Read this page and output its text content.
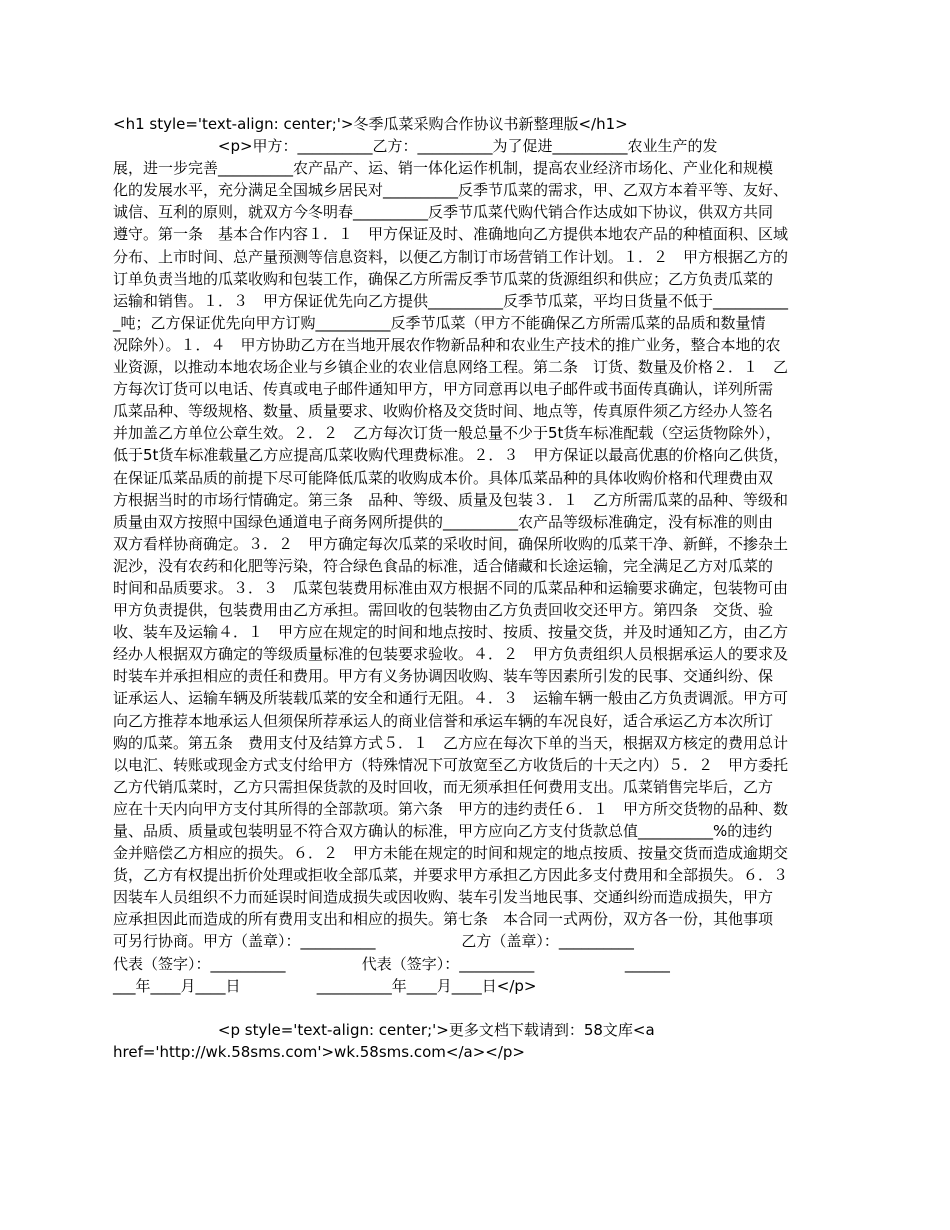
<h1 style='text-align: center;'>冬季瓜菜采购合作协议书新整理版</h1>
<p>甲方：__________乙方：__________为了促进__________农业生产的发
展，进一步完善__________农产品产、运、销一体化运作机制，提高农业经济市场化、产业化和规模
化的发展水平，充分满足全国城乡居民对__________反季节瓜菜的需求，甲、乙双方本着平等、友好、
诚信、互利的原则，就双方今冬明春__________反季节瓜菜代购代销合作达成如下协议，供双方共同
遵守。第一条　基本合作内容１．１　甲方保证及时、准确地向乙方提供本地农产品的种植面积、区域
分布、上市时间、总产量预测等信息资料，以便乙方制订市场营销工作计划。１．２　甲方根据乙方的
订单负责当地的瓜菜收购和包装工作，确保乙方所需反季节瓜菜的货源组织和供应；乙方负责瓜菜的
运输和销售。１．３　甲方保证优先向乙方提供__________反季节瓜菜，平均日货量不低于__________
_吨；乙方保证优先向甲方订购__________反季节瓜菜（甲方不能确保乙方所需瓜菜的品质和数量情
况除外）。１．４　甲方协助乙方在当地开展农作物新品种和农业生产技术的推广业务，整合本地的农
业资源，以推动本地农场企业与乡镇企业的农业信息网络工程。第二条　订货、数量及价格２．１　乙
方每次订货可以电话、传真或电子邮件通知甲方，甲方同意再以电子邮件或书面传真确认，详列所需
瓜菜品种、等级规格、数量、质量要求、收购价格及交货时间、地点等，传真原件须乙方经办人签名
并加盖乙方单位公章生效。２．２　乙方每次订货一般总量不少于5t货车标准配载（空运货物除外），
低于5t货车标准载量乙方应提高瓜菜收购代理费标准。２．３　甲方保证以最高优惠的价格向乙供货，
在保证瓜菜品质的前提下尽可能降低瓜菜的收购成本价。具体瓜菜品种的具体收购价格和代理费由双
方根据当时的市场行情确定。第三条　品种、等级、质量及包装３．１　乙方所需瓜菜的品种、等级和
质量由双方按照中国绿色通道电子商务网所提供的__________农产品等级标准确定，没有标准的则由
双方看样协商确定。３．２　甲方确定每次瓜菜的采收时间，确保所收购的瓜菜干净、新鲜，不掺杂土
泥沙，没有农药和化肥等污染，符合绿色食品的标准，适合储藏和长途运输，完全满足乙方对瓜菜的
时间和品质要求。３．３　瓜菜包装费用标准由双方根据不同的瓜菜品种和运输要求确定，包装物可由
甲方负责提供，包装费用由乙方承担。需回收的包装物由乙方负责回收交还甲方。第四条　交货、验
收、装车及运输４．１　甲方应在规定的时间和地点按时、按质、按量交货，并及时通知乙方，由乙方
经办人根据双方确定的等级质量标准的包装要求验收。４．２　甲方负责组织人员根据承运人的要求及
时装车并承担相应的责任和费用。甲方有义务协调因收购、装车等因素所引发的民事、交通纠纷、保
证承运人、运输车辆及所装载瓜菜的安全和通行无阻。４．３　运输车辆一般由乙方负责调派。甲方可
向乙方推荐本地承运人但须保所荐承运人的商业信誉和承运车辆的车况良好，适合承运乙方本次所订
购的瓜菜。第五条　费用支付及结算方式５．１　乙方应在每次下单的当天，根据双方核定的费用总计
以电汇、转账或现金方式支付给甲方（特殊情况下可放宽至乙方收货后的十天之内）５．２　甲方委托
乙方代销瓜菜时，乙方只需担保货款的及时回收，而无须承担任何费用支出。瓜菜销售完毕后，乙方
应在十天内向甲方支付其所得的全部款项。第六条　甲方的违约责任６．１　甲方所交货物的品种、数
量、品质、质量或包装明显不符合双方确认的标准，甲方应向乙方支付货款总值__________%的违约
金并赔偿乙方相应的损失。６．２　甲方未能在规定的时间和规定的地点按质、按量交货而造成逾期交
货，乙方有权提出折价处理或拒收全部瓜菜，并要求甲方承担乙方因此多支付费用和全部损失。６．３
因装车人员组织不力而延误时间造成损失或因收购、装车引发当地民事、交通纠纷而造成损失，甲方
应承担因此而造成的所有费用支出和相应的损失。第七条　本合同一式两份，双方各一份，其他事项
可另行协商。甲方（盖章）：__________                  乙方（盖章）：__________
代表（签字）：__________                代表（签字）：__________                   ______
___年____月____日                __________年____月____日</p>
<p style='text-align: center;'>更多文档下载请到：58文库<a
href='http://wk.58sms.com'>wk.58sms.com</a></p>
